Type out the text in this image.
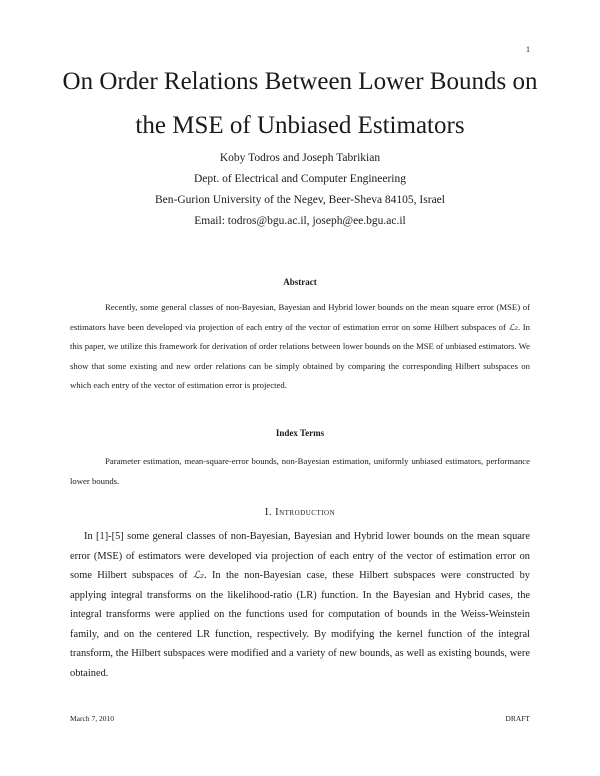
1
On Order Relations Between Lower Bounds on
the MSE of Unbiased Estimators
Koby Todros and Joseph Tabrikian
Dept. of Electrical and Computer Engineering
Ben-Gurion University of the Negev, Beer-Sheva 84105, Israel
Email: todros@bgu.ac.il, joseph@ee.bgu.ac.il
Abstract

Recently, some general classes of non-Bayesian, Bayesian and Hybrid lower bounds on the mean square error (MSE) of estimators have been developed via projection of each entry of the vector of estimation error on some Hilbert subspaces of ℒ₂. In this paper, we utilize this framework for derivation of order relations between lower bounds on the MSE of unbiased estimators. We show that some existing and new order relations can be simply obtained by comparing the corresponding Hilbert subspaces on which each entry of the vector of estimation error is projected.

Index Terms

Parameter estimation, mean-square-error bounds, non-Bayesian estimation, uniformly unbiased estimators, performance lower bounds.

I. Introduction

In [1]-[5] some general classes of non-Bayesian, Bayesian and Hybrid lower bounds on the mean square error (MSE) of estimators were developed via projection of each entry of the vector of estimation error on some Hilbert subspaces of ℒ₂. In the non-Bayesian case, these Hilbert subspaces were constructed by applying integral transforms on the likelihood-ratio (LR) function. In the Bayesian and Hybrid cases, the integral transforms were applied on the functions used for computation of bounds in the Weiss-Weinstein family, and on the centered LR function, respectively. By modifying the kernel function of the integral transform, the Hilbert subspaces were modified and a variety of new bounds, as well as existing bounds, were obtained.

March 7, 2010	DRAFT
